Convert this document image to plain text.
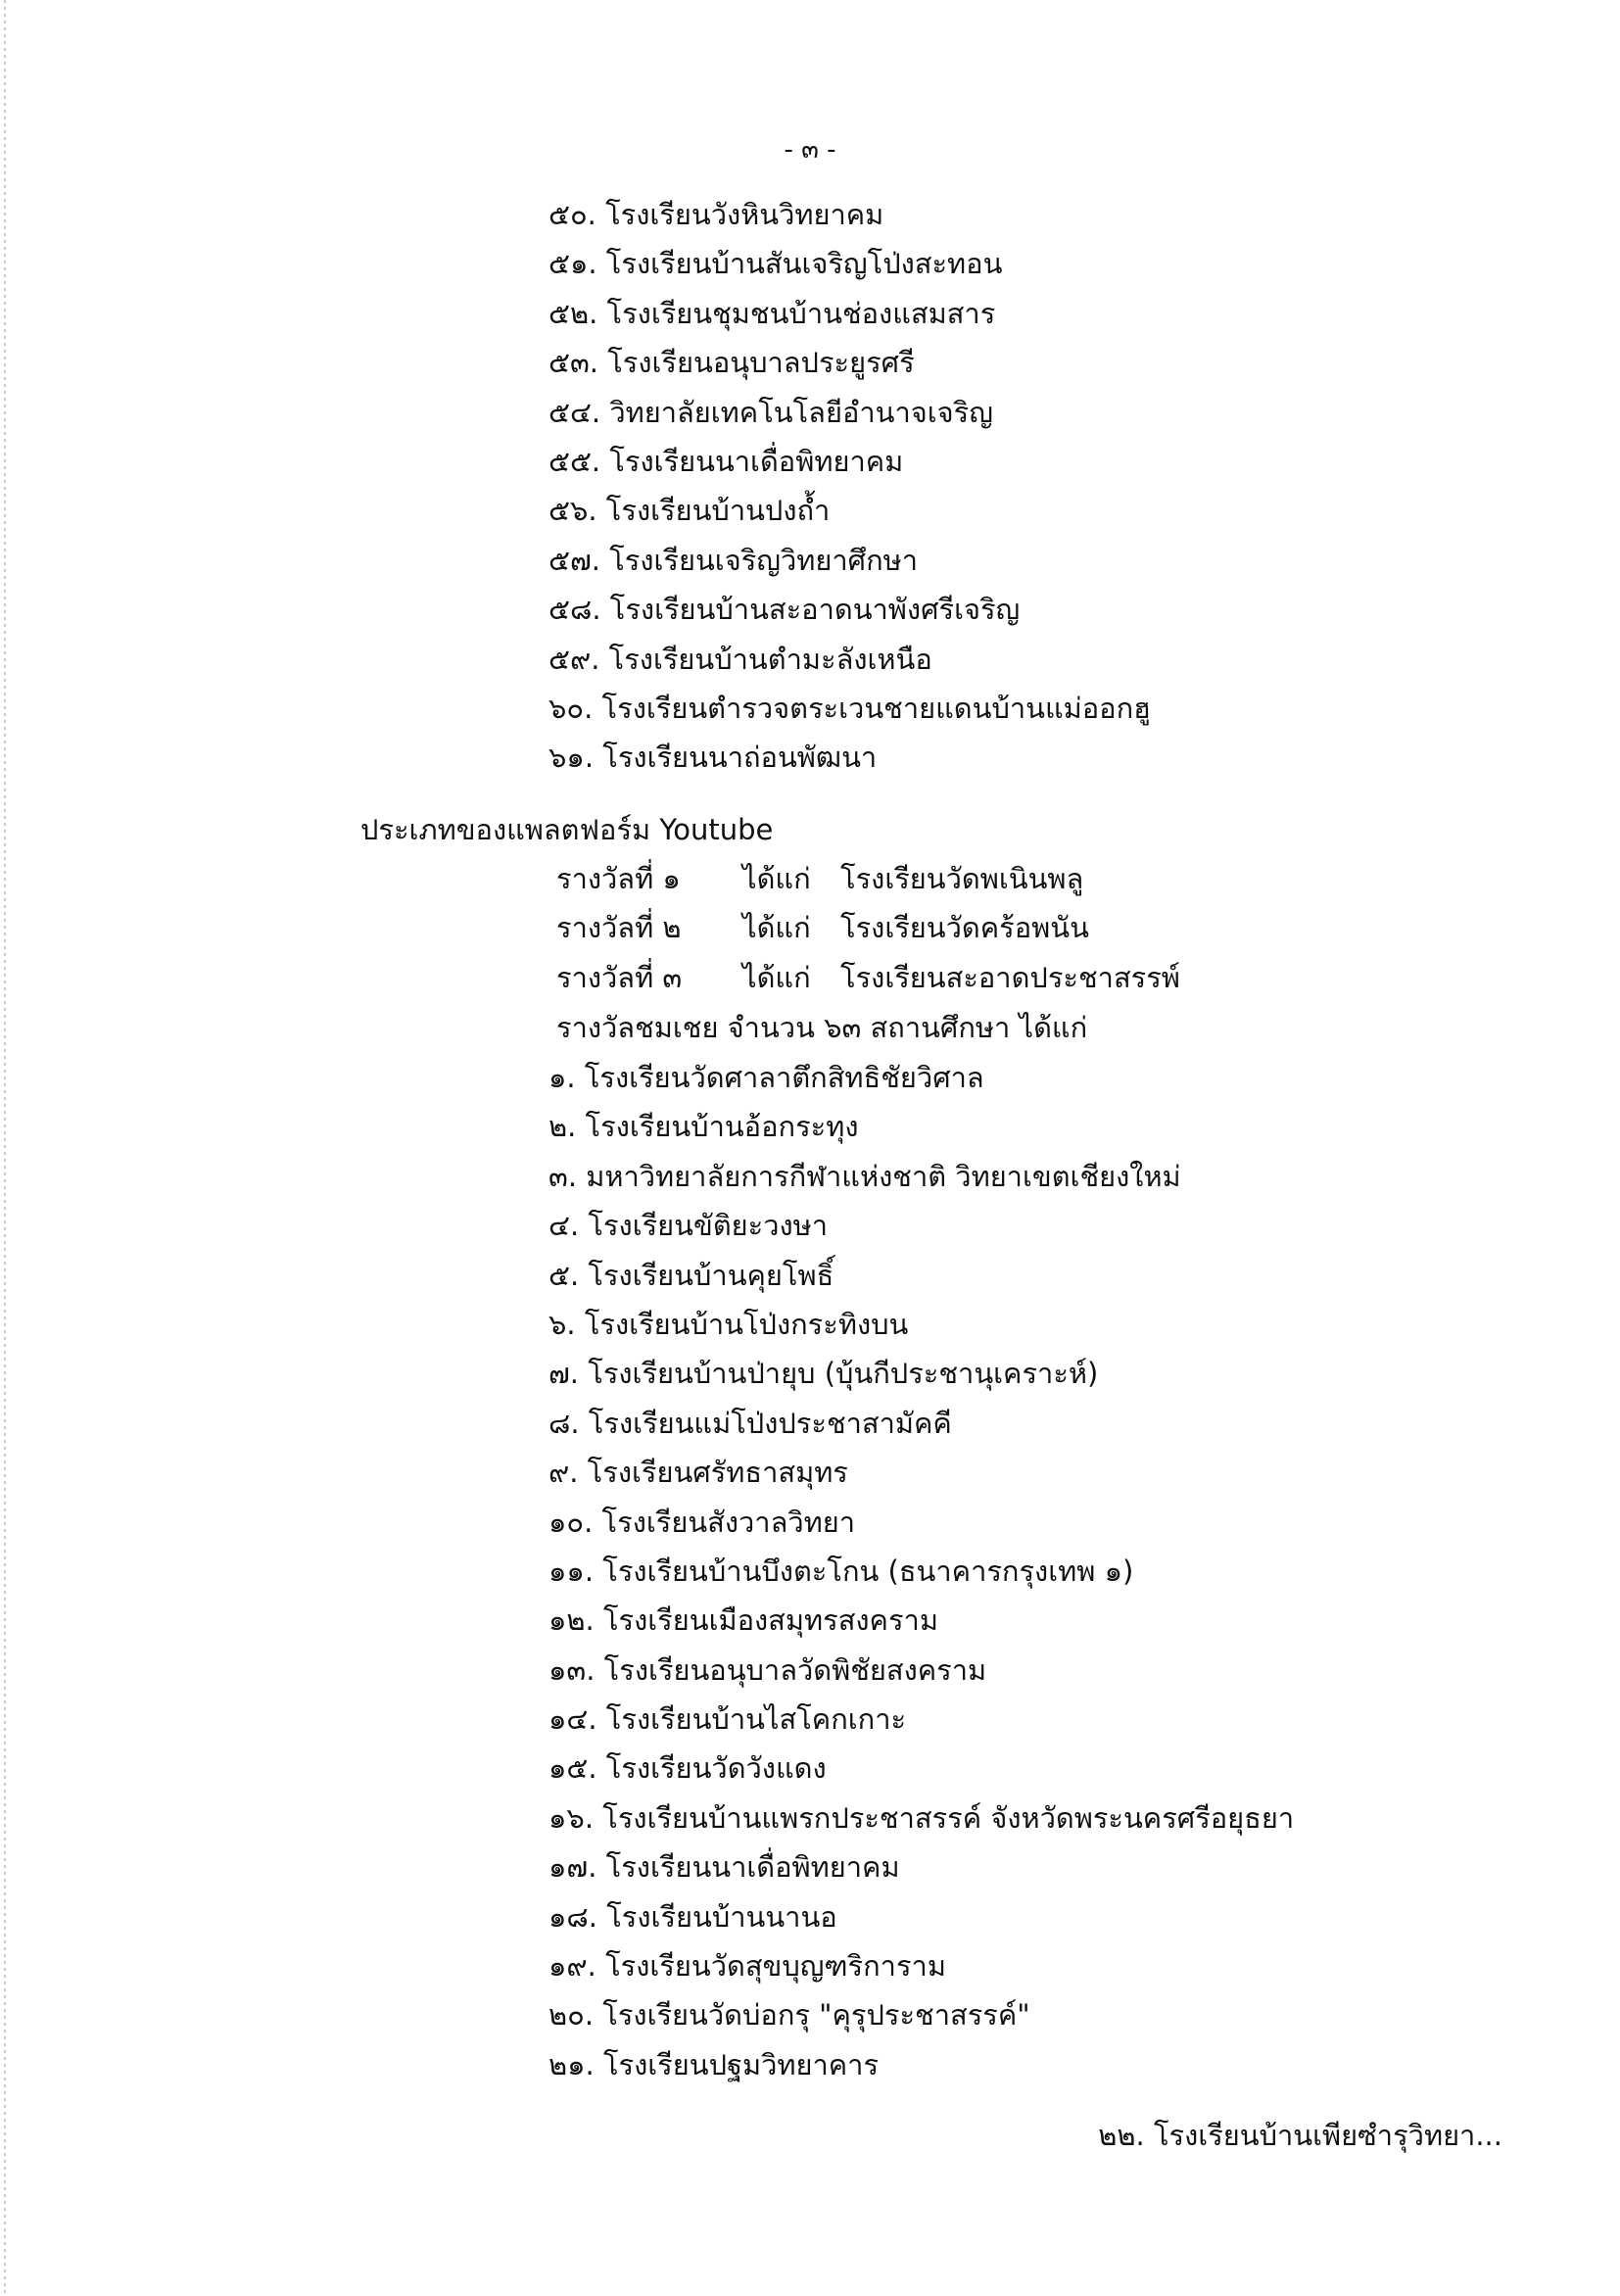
- ๓ -
๕๐. โรงเรียนวังหินวิทยาคม
๕๑. โรงเรียนบ้านสันเจริญโป่งสะทอน
๕๒. โรงเรียนชุมชนบ้านช่องแสมสาร
๕๓. โรงเรียนอนุบาลประยูรศรี
๕๔. วิทยาลัยเทคโนโลยีอำนาจเจริญ
๕๕. โรงเรียนนาเดื่อพิทยาคม
๕๖. โรงเรียนบ้านปงถ้ำ
๕๗. โรงเรียนเจริญวิทยาศึกษา
๕๘. โรงเรียนบ้านสะอาดนาพังศรีเจริญ
๕๙. โรงเรียนบ้านตำมะลังเหนือ
๖๐. โรงเรียนตำรวจตระเวนชายแดนบ้านแม่ออกฮู
๖๑. โรงเรียนนาถ่อนพัฒนา
ประเภทของแพลตฟอร์ม Youtube
รางวัลที่ ๑ ได้แก่ โรงเรียนวัดพเนินพลู
รางวัลที่ ๒ ได้แก่ โรงเรียนวัดคร้อพนัน
รางวัลที่ ๓ ได้แก่ โรงเรียนสะอาดประชาสรรพ์
รางวัลชมเชย จำนวน ๖๓ สถานศึกษา ได้แก่
๑. โรงเรียนวัดศาลาตึกสิทธิชัยวิศาล
๒. โรงเรียนบ้านอ้อกระทุง
๓. มหาวิทยาลัยการกีฬาแห่งชาติ วิทยาเขตเชียงใหม่
๔. โรงเรียนขัติยะวงษา
๕. โรงเรียนบ้านคุยโพธิ์
๖. โรงเรียนบ้านโป่งกระทิงบน
๗. โรงเรียนบ้านป่ายุบ (บุ้นกีประชานุเคราะห์)
๘. โรงเรียนแม่โป่งประชาสามัคคี
๙. โรงเรียนศรัทธาสมุทร
๑๐. โรงเรียนสังวาลวิทยา
๑๑. โรงเรียนบ้านบึงตะโกน (ธนาคารกรุงเทพ ๑)
๑๒. โรงเรียนเมืองสมุทรสงคราม
๑๓. โรงเรียนอนุบาลวัดพิชัยสงคราม
๑๔. โรงเรียนบ้านไสโคกเกาะ
๑๕. โรงเรียนวัดวังแดง
๑๖. โรงเรียนบ้านแพรกประชาสรรค์ จังหวัดพระนครศรีอยุธยา
๑๗. โรงเรียนนาเดื่อพิทยาคม
๑๘. โรงเรียนบ้านนานอ
๑๙. โรงเรียนวัดสุขบุญฑริการาม
๒๐. โรงเรียนวัดบ่อกรุ "คุรุประชาสรรค์"
๒๑. โรงเรียนปฐมวิทยาคาร
๒๒. โรงเรียนบ้านเพียซำรุวิทยา...
